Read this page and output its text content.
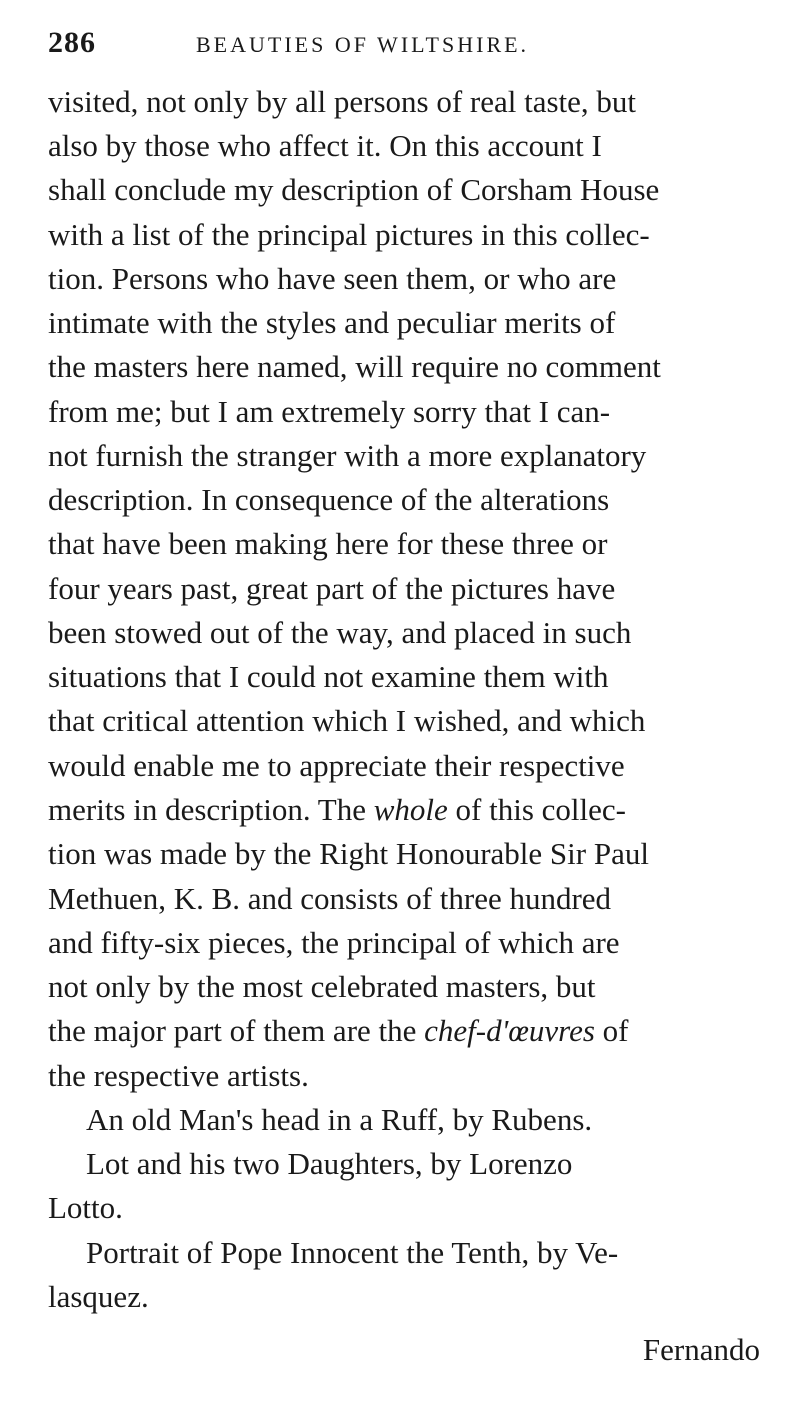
286	BEAUTIES OF WILTSHIRE.
visited, not only by all persons of real taste, but
also by those who affect it. On this account I
shall conclude my description of Corsham House
with a list of the principal pictures in this collec-
tion. Persons who have seen them, or who are
intimate with the styles and peculiar merits of
the masters here named, will require no comment
from me; but I am extremely sorry that I can-
not furnish the stranger with a more explanatory
description. In consequence of the alterations
that have been making here for these three or
four years past, great part of the pictures have
been stowed out of the way, and placed in such
situations that I could not examine them with
that critical attention which I wished, and which
would enable me to appreciate their respective
merits in description. The whole of this collec-
tion was made by the Right Honourable Sir Paul
Methuen, K. B. and consists of three hundred
and fifty-six pieces, the principal of which are
not only by the most celebrated masters, but
the major part of them are the chef-d'œuvres of
the respective artists.
An old Man's head in a Ruff, by Rubens.
Lot and his two Daughters, by Lorenzo
Lotto.
Portrait of Pope Innocent the Tenth, by Ve-
lasquez.
Fernando
